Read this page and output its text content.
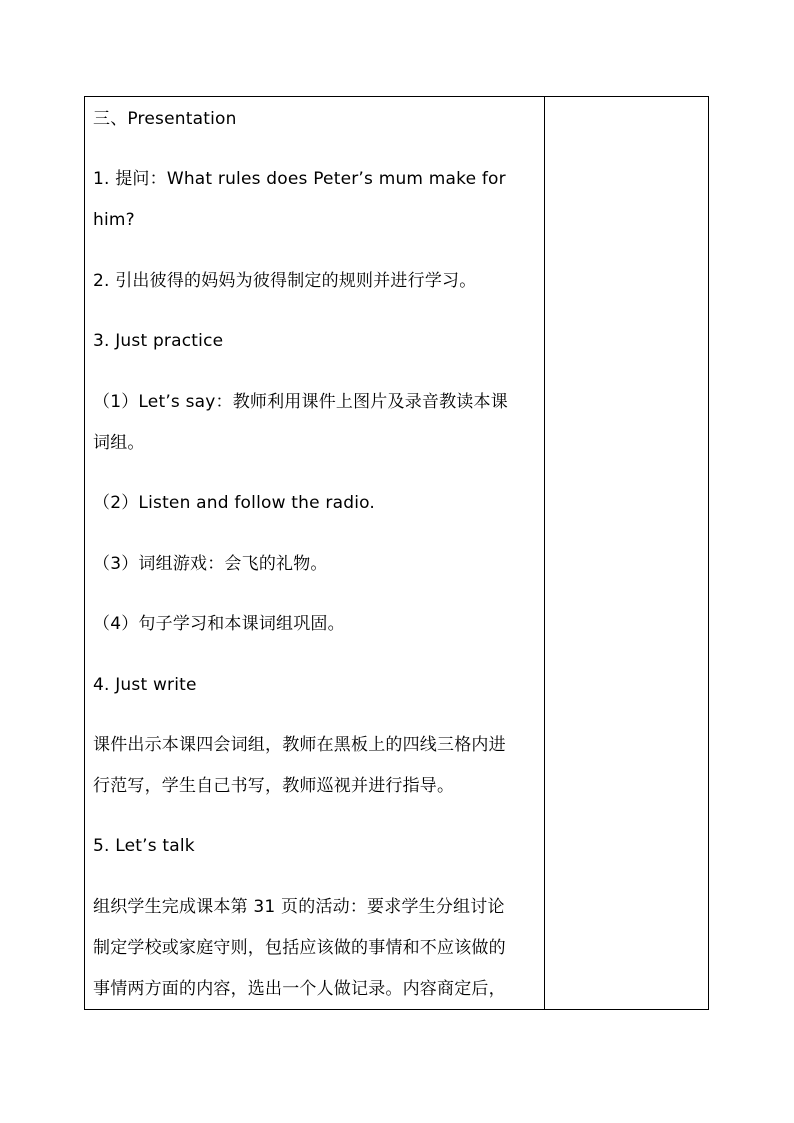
三、Presentation
1. 提问：What rules does Peter’s mum make for
him?
2. 引出彼得的妈妈为彼得制定的规则并进行学习。
3. Just practice
（1）Let’s say：教师利用课件上图片及录音教读本课
词组。
（2）Listen and follow the radio.
（3）词组游戏：会飞的礼物。
（4）句子学习和本课词组巩固。
4. Just write
课件出示本课四会词组，教师在黑板上的四线三格内进
行范写，学生自己书写，教师巡视并进行指导。
5. Let’s talk
组织学生完成课本第 31 页的活动：要求学生分组讨论
制定学校或家庭守则，包括应该做的事情和不应该做的
事情两方面的内容，选出一个人做记录。内容商定后，
